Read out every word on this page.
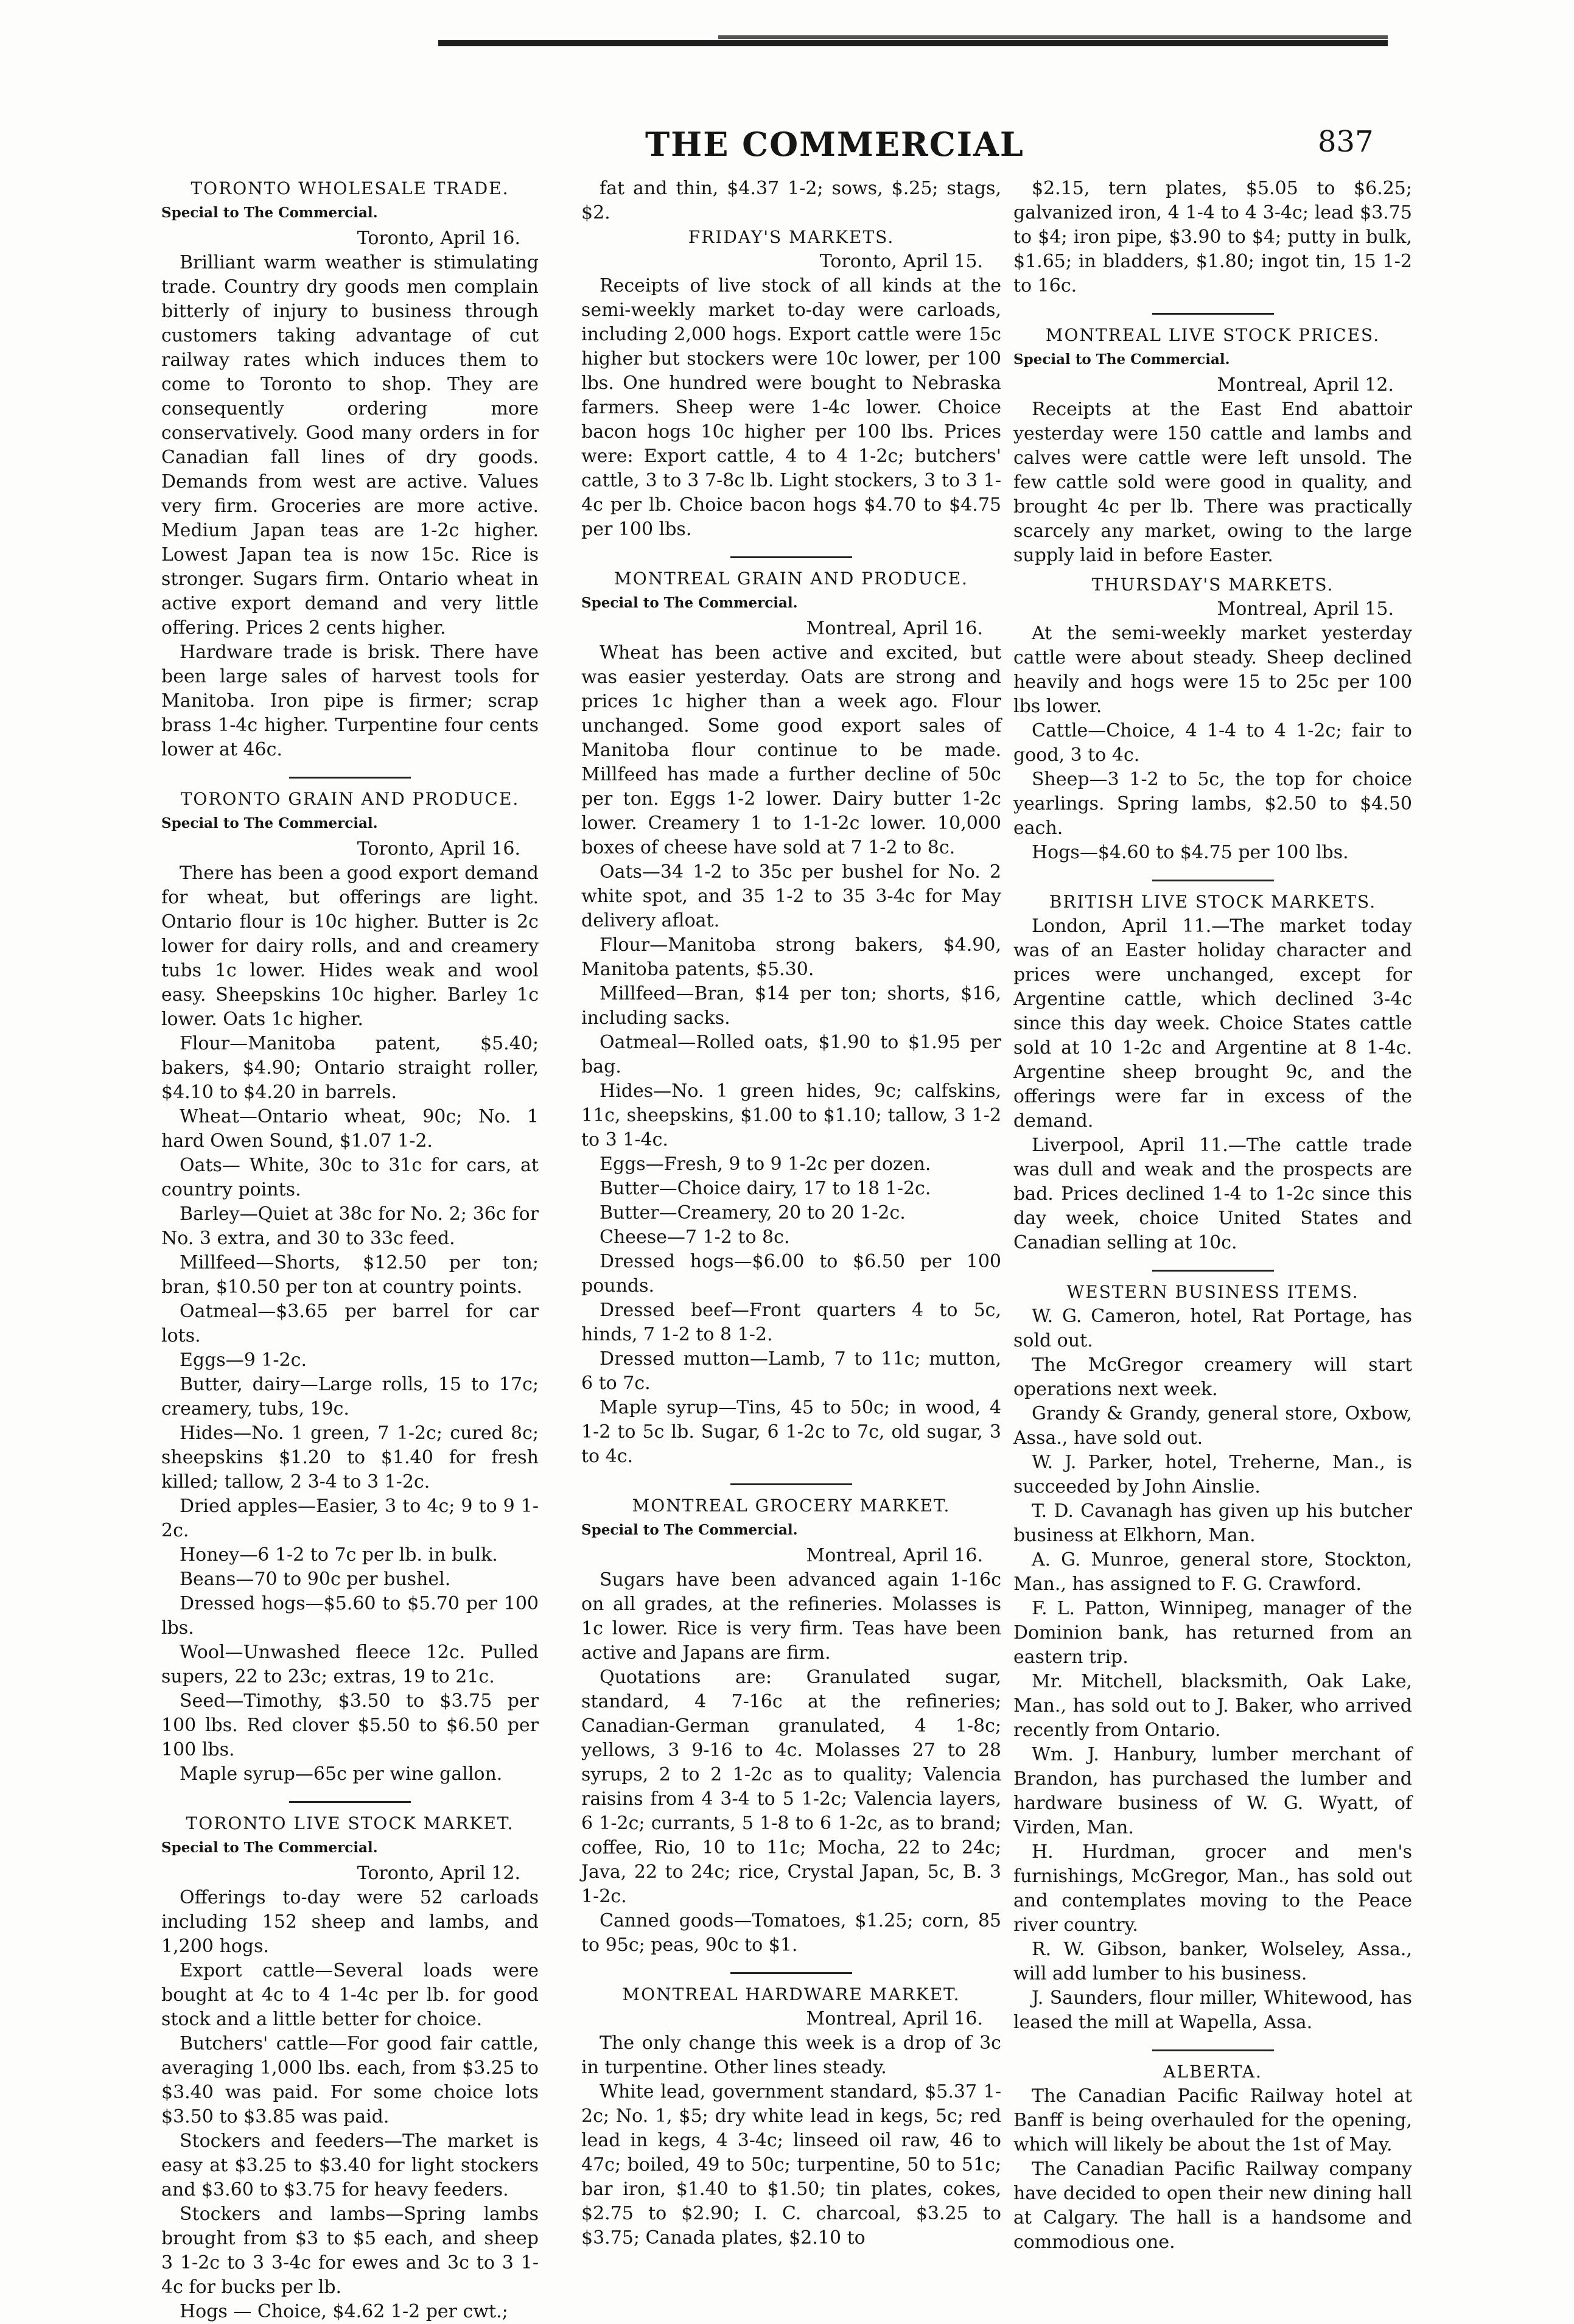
THE COMMERCIAL	837
TORONTO WHOLESALE TRADE.
Special to The Commercial.
Toronto, April 16.

Brilliant warm weather is stimulating trade. Country dry goods men complain bitterly of injury to business through customers taking advantage of cut railway rates which induces them to come to Toronto to shop. They are consequently ordering more conservatively. Good many orders in for Canadian fall lines of dry goods. Demands from west are active. Values very firm. Groceries are more active. Medium Japan teas are 1-2c higher. Lowest Japan tea is now 15c. Rice is stronger. Sugars firm. Ontario wheat in active export demand and very little offering. Prices 2 cents higher.

Hardware trade is brisk. There have been large sales of harvest tools for Manitoba. Iron pipe is firmer; scrap brass 1-4c higher. Turpentine four cents lower at 46c.

TORONTO GRAIN AND PRODUCE.
Special to The Commercial.
Toronto, April 16.

There has been a good export demand for wheat, but offerings are light. Ontario flour is 10c higher. Butter is 2c lower for dairy rolls, and and creamery tubs 1c lower. Hides weak and wool easy. Sheepskins 10c higher. Barley 1c lower. Oats 1c higher.

Flour—Manitoba patent, $5.40; bakers, $4.90; Ontario straight roller, $4.10 to $4.20 in barrels.

Wheat—Ontario wheat, 90c; No. 1 hard Owen Sound, $1.07 1-2.

Oats— White, 30c to 31c for cars, at country points.

Barley—Quiet at 38c for No. 2; 36c for No. 3 extra, and 30 to 33c feed.

Millfeed—Shorts, $12.50 per ton; bran, $10.50 per ton at country points.

Oatmeal—$3.65 per barrel for car lots.

Eggs—9 1-2c.

Butter, dairy—Large rolls, 15 to 17c; creamery, tubs, 19c.

Hides—No. 1 green, 7 1-2c; cured 8c; sheepskins $1.20 to $1.40 for fresh killed; tallow, 2 3-4 to 3 1-2c.

Dried apples—Easier, 3 to 4c; 9 to 9 1-2c.

Honey—6 1-2 to 7c per lb. in bulk.

Beans—70 to 90c per bushel.

Dressed hogs—$5.60 to $5.70 per 100 lbs.

Wool—Unwashed fleece 12c. Pulled supers, 22 to 23c; extras, 19 to 21c.

Seed—Timothy, $3.50 to $3.75 per 100 lbs. Red clover $5.50 to $6.50 per 100 lbs.

Maple syrup—65c per wine gallon.

TORONTO LIVE STOCK MARKET.
Special to The Commercial.
Toronto, April 12.

Offerings to-day were 52 carloads including 152 sheep and lambs, and 1,200 hogs.

Export cattle—Several loads were bought at 4c to 4 1-4c per lb. for good stock and a little better for choice.

Butchers' cattle—For good fair cattle, averaging 1,000 lbs. each, from $3.25 to $3.40 was paid. For some choice lots $3.50 to $3.85 was paid.

Stockers and feeders—The market is easy at $3.25 to $3.40 for light stockers and $3.60 to $3.75 for heavy feeders.

Stockers and lambs—Spring lambs brought from $3 to $5 each, and sheep 3 1-2c to 3 3-4c for ewes and 3c to 3 1-4c for bucks per lb.

Hogs — Choice, $4.62 1-2 per cwt.;

fat and thin, $4.37 1-2; sows, $.25; stags, $2.

FRIDAY'S MARKETS.
Toronto, April 15.

Receipts of live stock of all kinds at the semi-weekly market to-day were carloads, including 2,000 hogs. Export cattle were 15c higher but stockers were 10c lower, per 100 lbs. One hundred were bought to Nebraska farmers. Sheep were 1-4c lower. Choice bacon hogs 10c higher per 100 lbs. Prices were: Export cattle, 4 to 4 1-2c; butchers' cattle, 3 to 3 7-8c lb. Light stockers, 3 to 3 1-4c per lb. Choice bacon hogs $4.70 to $4.75 per 100 lbs.

MONTREAL GRAIN AND PRODUCE.
Special to The Commercial.
Montreal, April 16.

Wheat has been active and excited, but was easier yesterday. Oats are strong and prices 1c higher than a week ago. Flour unchanged. Some good export sales of Manitoba flour continue to be made. Millfeed has made a further decline of 50c per ton. Eggs 1-2 lower. Dairy butter 1-2c lower. Creamery 1 to 1-1-2c lower. 10,000 boxes of cheese have sold at 7 1-2 to 8c.

Oats—34 1-2 to 35c per bushel for No. 2 white spot, and 35 1-2 to 35 3-4c for May delivery afloat.

Flour—Manitoba strong bakers, $4.90, Manitoba patents, $5.30.

Millfeed—Bran, $14 per ton; shorts, $16, including sacks.

Oatmeal—Rolled oats, $1.90 to $1.95 per bag.

Hides—No. 1 green hides, 9c; calfskins, 11c, sheepskins, $1.00 to $1.10; tallow, 3 1-2 to 3 1-4c.

Eggs—Fresh, 9 to 9 1-2c per dozen.

Butter—Choice dairy, 17 to 18 1-2c.

Butter—Creamery, 20 to 20 1-2c.

Cheese—7 1-2 to 8c.

Dressed hogs—$6.00 to $6.50 per 100 pounds.

Dressed beef—Front quarters 4 to 5c, hinds, 7 1-2 to 8 1-2.

Dressed mutton—Lamb, 7 to 11c; mutton, 6 to 7c.

Maple syrup—Tins, 45 to 50c; in wood, 4 1-2 to 5c lb. Sugar, 6 1-2c to 7c, old sugar, 3 to 4c.

MONTREAL GROCERY MARKET.
Special to The Commercial.
Montreal, April 16.

Sugars have been advanced again 1-16c on all grades, at the refineries. Molasses is 1c lower. Rice is very firm. Teas have been active and Japans are firm.

Quotations are: Granulated sugar, standard, 4 7-16c at the refineries; Canadian-German granulated, 4 1-8c; yellows, 3 9-16 to 4c. Molasses 27 to 28 syrups, 2 to 2 1-2c as to quality; Valencia raisins from 4 3-4 to 5 1-2c; Valencia layers, 6 1-2c; currants, 5 1-8 to 6 1-2c, as to brand; coffee, Rio, 10 to 11c; Mocha, 22 to 24c; Java, 22 to 24c; rice, Crystal Japan, 5c, B. 3 1-2c.

Canned goods—Tomatoes, $1.25; corn, 85 to 95c; peas, 90c to $1.

MONTREAL HARDWARE MARKET.
Montreal, April 16.

The only change this week is a drop of 3c in turpentine. Other lines steady.

White lead, government standard, $5.37 1-2c; No. 1, $5; dry white lead in kegs, 5c; red lead in kegs, 4 3-4c; linseed oil raw, 46 to 47c; boiled, 49 to 50c; turpentine, 50 to 51c; bar iron, $1.40 to $1.50; tin plates, cokes, $2.75 to $2.90; I. C. charcoal, $3.25 to $3.75; Canada plates, $2.10 to

$2.15, tern plates, $5.05 to $6.25; galvanized iron, 4 1-4 to 4 3-4c; lead $3.75 to $4; iron pipe, $3.90 to $4; putty in bulk, $1.65; in bladders, $1.80; ingot tin, 15 1-2 to 16c.

MONTREAL LIVE STOCK PRICES.
Special to The Commercial.
Montreal, April 12.

Receipts at the East End abattoir yesterday were 150 cattle and lambs and calves were cattle were left unsold. The few cattle sold were good in quality, and brought 4c per lb. There was practically scarcely any market, owing to the large supply laid in before Easter.

THURSDAY'S MARKETS.
Montreal, April 15.

At the semi-weekly market yesterday cattle were about steady. Sheep declined heavily and hogs were 15 to 25c per 100 lbs lower.

Cattle—Choice, 4 1-4 to 4 1-2c; fair to good, 3 to 4c.

Sheep—3 1-2 to 5c, the top for choice yearlings. Spring lambs, $2.50 to $4.50 each.

Hogs—$4.60 to $4.75 per 100 lbs.

BRITISH LIVE STOCK MARKETS.

London, April 11.—The market today was of an Easter holiday character and prices were unchanged, except for Argentine cattle, which declined 3-4c since this day week. Choice States cattle sold at 10 1-2c and Argentine at 8 1-4c. Argentine sheep brought 9c, and the offerings were far in excess of the demand.

Liverpool, April 11.—The cattle trade was dull and weak and the prospects are bad. Prices declined 1-4 to 1-2c since this day week, choice United States and Canadian selling at 10c.

WESTERN BUSINESS ITEMS.

W. G. Cameron, hotel, Rat Portage, has sold out.

The McGregor creamery will start operations next week.

Grandy & Grandy, general store, Oxbow, Assa., have sold out.

W. J. Parker, hotel, Treherne, Man., is succeeded by John Ainslie.

T. D. Cavanagh has given up his butcher business at Elkhorn, Man.

A. G. Munroe, general store, Stockton, Man., has assigned to F. G. Crawford.

F. L. Patton, Winnipeg, manager of the Dominion bank, has returned from an eastern trip.

Mr. Mitchell, blacksmith, Oak Lake, Man., has sold out to J. Baker, who arrived recently from Ontario.

Wm. J. Hanbury, lumber merchant of Brandon, has purchased the lumber and hardware business of W. G. Wyatt, of Virden, Man.

H. Hurdman, grocer and men's furnishings, McGregor, Man., has sold out and contemplates moving to the Peace river country.

R. W. Gibson, banker, Wolseley, Assa., will add lumber to his business.

J. Saunders, flour miller, Whitewood, has leased the mill at Wapella, Assa.

ALBERTA.

The Canadian Pacific Railway hotel at Banff is being overhauled for the opening, which will likely be about the 1st of May.

The Canadian Pacific Railway company have decided to open their new dining hall at Calgary. The hall is a handsome and commodious one.
